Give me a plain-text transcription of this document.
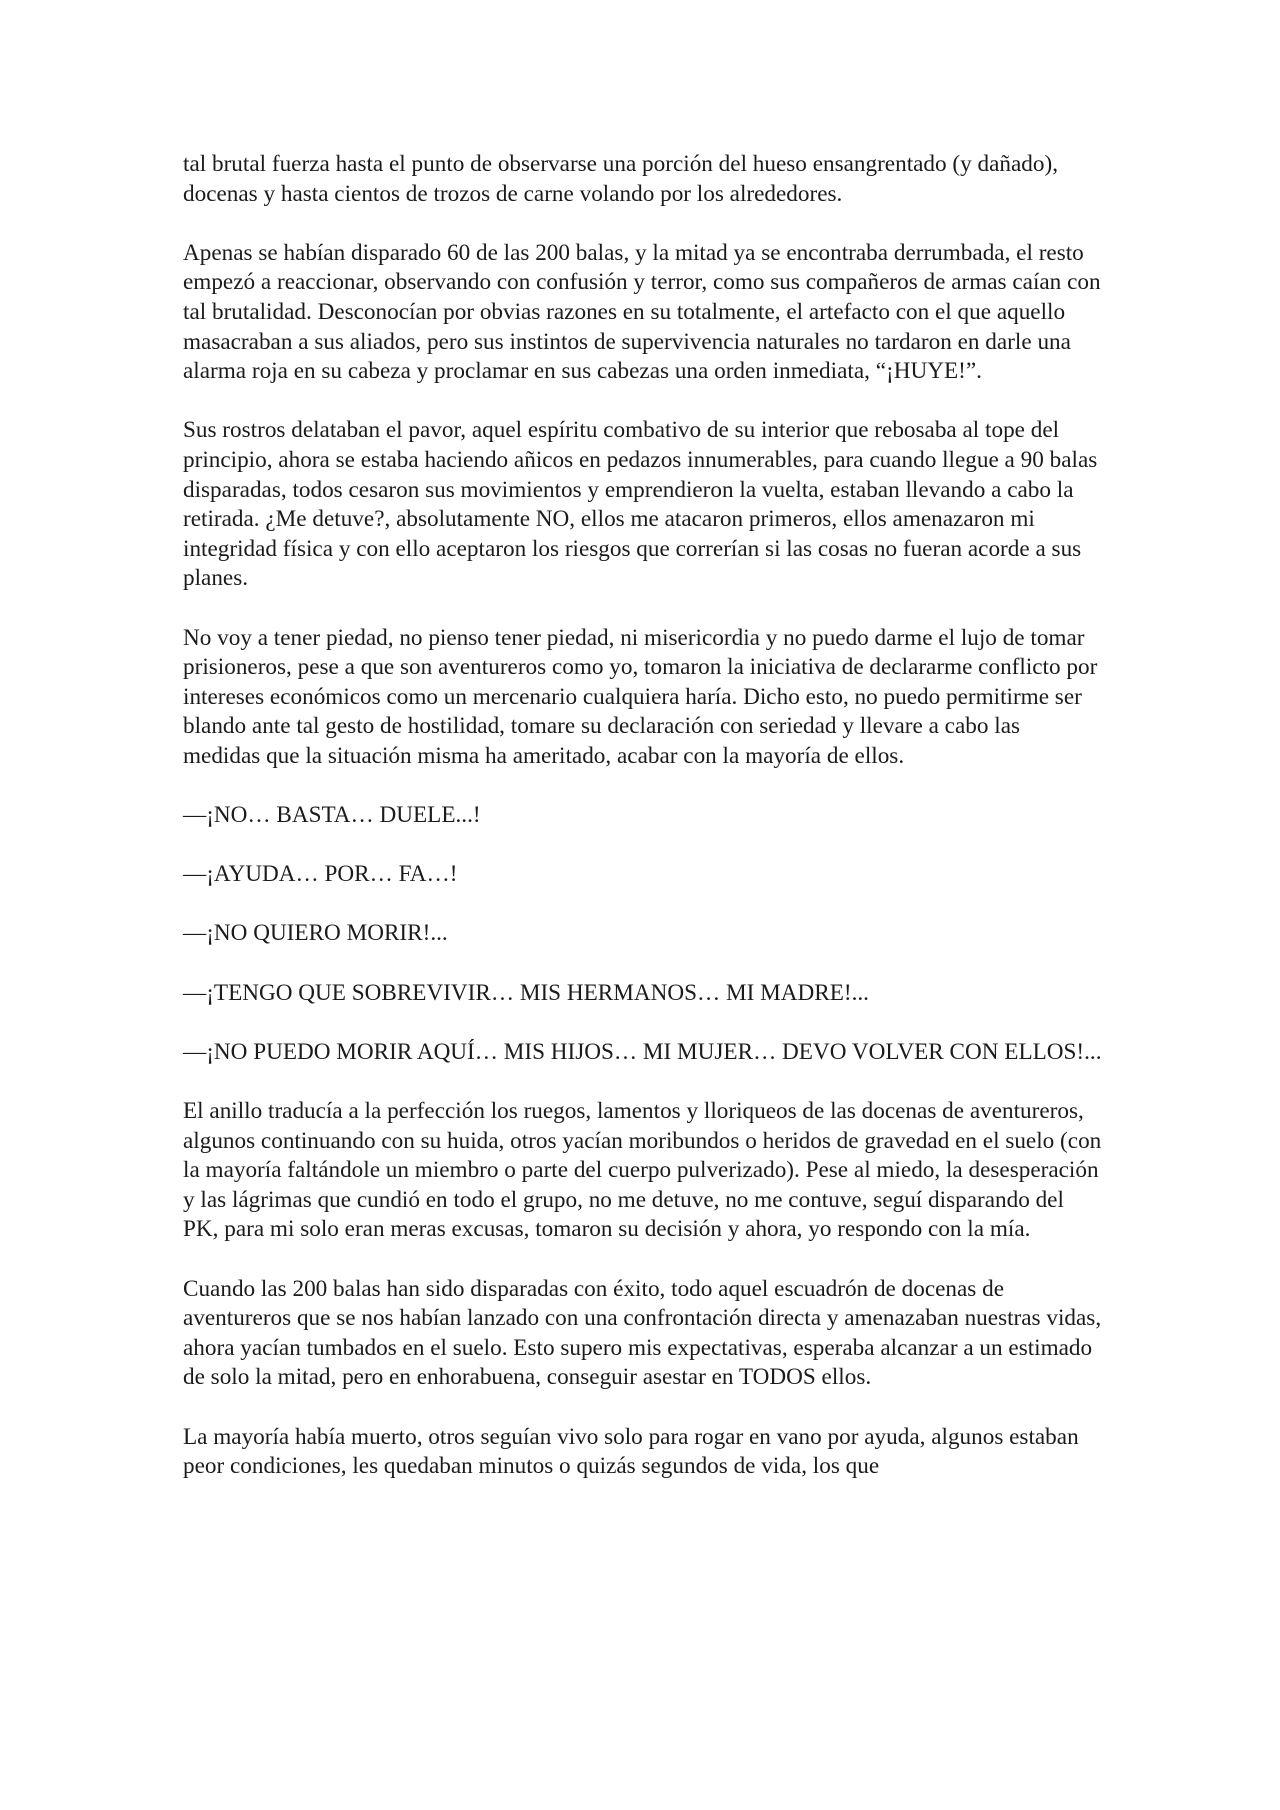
tal brutal fuerza hasta el punto de observarse una porción del hueso ensangrentado (y dañado), docenas y hasta cientos de trozos de carne volando por los alrededores.

Apenas se habían disparado 60 de las 200 balas, y la mitad ya se encontraba derrumbada, el resto empezó a reaccionar, observando con confusión y terror, como sus compañeros de armas caían con tal brutalidad. Desconocían por obvias razones en su totalmente, el artefacto con el que aquello masacraban a sus aliados, pero sus instintos de supervivencia naturales no tardaron en darle una alarma roja en su cabeza y proclamar en sus cabezas una orden inmediata, “¡HUYE!”.

Sus rostros delataban el pavor, aquel espíritu combativo de su interior que rebosaba al tope del principio, ahora se estaba haciendo añicos en pedazos innumerables, para cuando llegue a 90 balas disparadas, todos cesaron sus movimientos y emprendieron la vuelta, estaban llevando a cabo la retirada. ¿Me detuve?, absolutamente NO, ellos me atacaron primeros, ellos amenazaron mi integridad física y con ello aceptaron los riesgos que correrían si las cosas no fueran acorde a sus planes.

No voy a tener piedad, no pienso tener piedad, ni misericordia y no puedo darme el lujo de tomar prisioneros, pese a que son aventureros como yo, tomaron la iniciativa de declararme conflicto por intereses económicos como un mercenario cualquiera haría. Dicho esto, no puedo permitirme ser blando ante tal gesto de hostilidad, tomare su declaración con seriedad y llevare a cabo las medidas que la situación misma ha ameritado, acabar con la mayoría de ellos.

—¡NO… BASTA… DUELE...!

—¡AYUDA… POR… FA…!

—¡NO QUIERO MORIR!...

—¡TENGO QUE SOBREVIVIR… MIS HERMANOS… MI MADRE!...

—¡NO PUEDO MORIR AQUÍ… MIS HIJOS… MI MUJER… DEVO VOLVER CON ELLOS!...

El anillo traducía a la perfección los ruegos, lamentos y lloriqueos de las docenas de aventureros, algunos continuando con su huida, otros yacían moribundos o heridos de gravedad en el suelo (con la mayoría faltándole un miembro o parte del cuerpo pulverizado). Pese al miedo, la desesperación y las lágrimas que cundió en todo el grupo, no me detuve, no me contuve, seguí disparando del PK, para mi solo eran meras excusas, tomaron su decisión y ahora, yo respondo con la mía.

Cuando las 200 balas han sido disparadas con éxito, todo aquel escuadrón de docenas de aventureros que se nos habían lanzado con una confrontación directa y amenazaban nuestras vidas, ahora yacían tumbados en el suelo. Esto supero mis expectativas, esperaba alcanzar a un estimado de solo la mitad, pero en enhorabuena, conseguir asestar en TODOS ellos.

La mayoría había muerto, otros seguían vivo solo para rogar en vano por ayuda, algunos estaban peor condiciones, les quedaban minutos o quizás segundos de vida, los que
